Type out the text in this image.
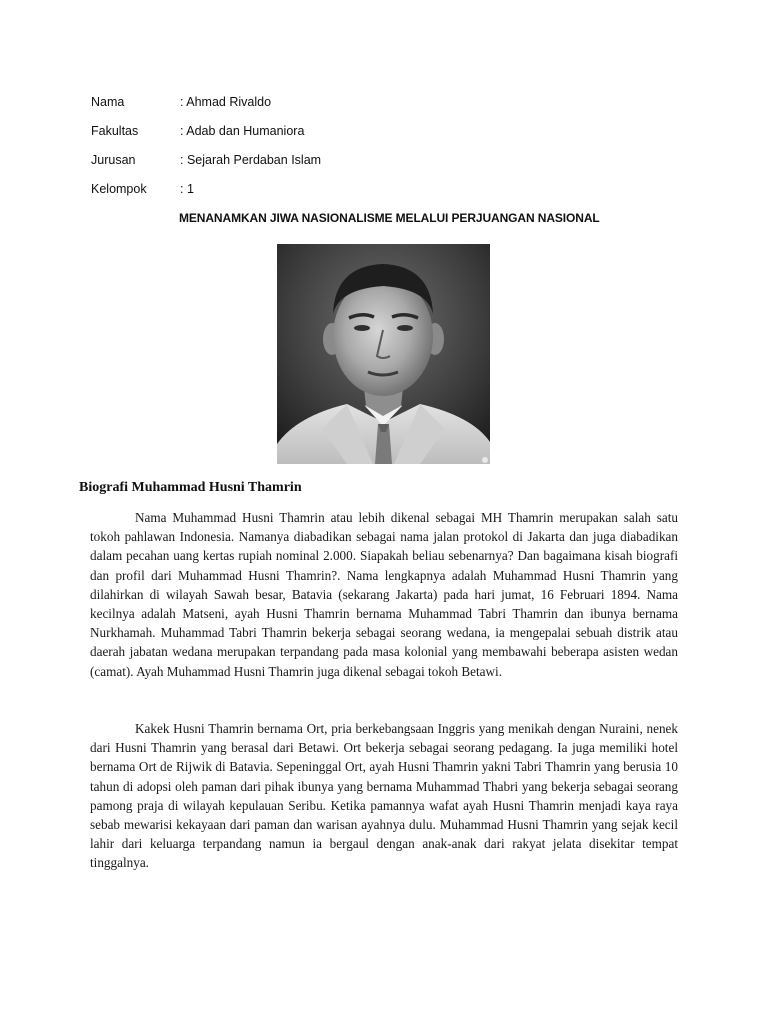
Nama	: Ahmad Rivaldo
Fakultas	: Adab dan Humaniora
Jurusan	: Sejarah Perdaban Islam
Kelompok	: 1
MENANAMKAN JIWA NASIONALISME MELALUI PERJUANGAN NASIONAL
Biografi Muhammad Husni Thamrin

Nama Muhammad Husni Thamrin atau lebih dikenal sebagai MH Thamrin merupakan salah satu tokoh pahlawan Indonesia. Namanya diabadikan sebagai nama jalan protokol di Jakarta dan juga diabadikan dalam pecahan uang kertas rupiah nominal 2.000. Siapakah beliau sebenarnya? Dan bagaimana kisah biografi dan profil dari Muhammad Husni Thamrin?. Nama lengkapnya adalah Muhammad Husni Thamrin yang dilahirkan di wilayah Sawah besar, Batavia (sekarang Jakarta) pada hari jumat, 16 Februari 1894. Nama kecilnya adalah Matseni, ayah Husni Thamrin bernama Muhammad Tabri Thamrin dan ibunya bernama Nurkhamah. Muhammad Tabri Thamrin bekerja sebagai seorang wedana, ia mengepalai sebuah distrik atau daerah jabatan wedana merupakan terpandang pada masa kolonial yang membawahi beberapa asisten wedan (camat). Ayah Muhammad Husni Thamrin juga dikenal sebagai tokoh Betawi.

Kakek Husni Thamrin bernama Ort, pria berkebangsaan Inggris yang menikah dengan Nuraini, nenek dari Husni Thamrin yang berasal dari Betawi. Ort bekerja sebagai seorang pedagang. Ia juga memiliki hotel bernama Ort de Rijwik di Batavia. Sepeninggal Ort, ayah Husni Thamrin yakni Tabri Thamrin yang berusia 10 tahun di adopsi oleh paman dari pihak ibunya yang bernama Muhammad Thabri yang bekerja sebagai seorang pamong praja di wilayah kepulauan Seribu. Ketika pamannya wafat ayah Husni Thamrin menjadi kaya raya sebab mewarisi kekayaan dari paman dan warisan ayahnya dulu. Muhammad Husni Thamrin yang sejak kecil lahir dari keluarga terpandang namun ia bergaul dengan anak-anak dari rakyat jelata disekitar tempat tinggalnya.
